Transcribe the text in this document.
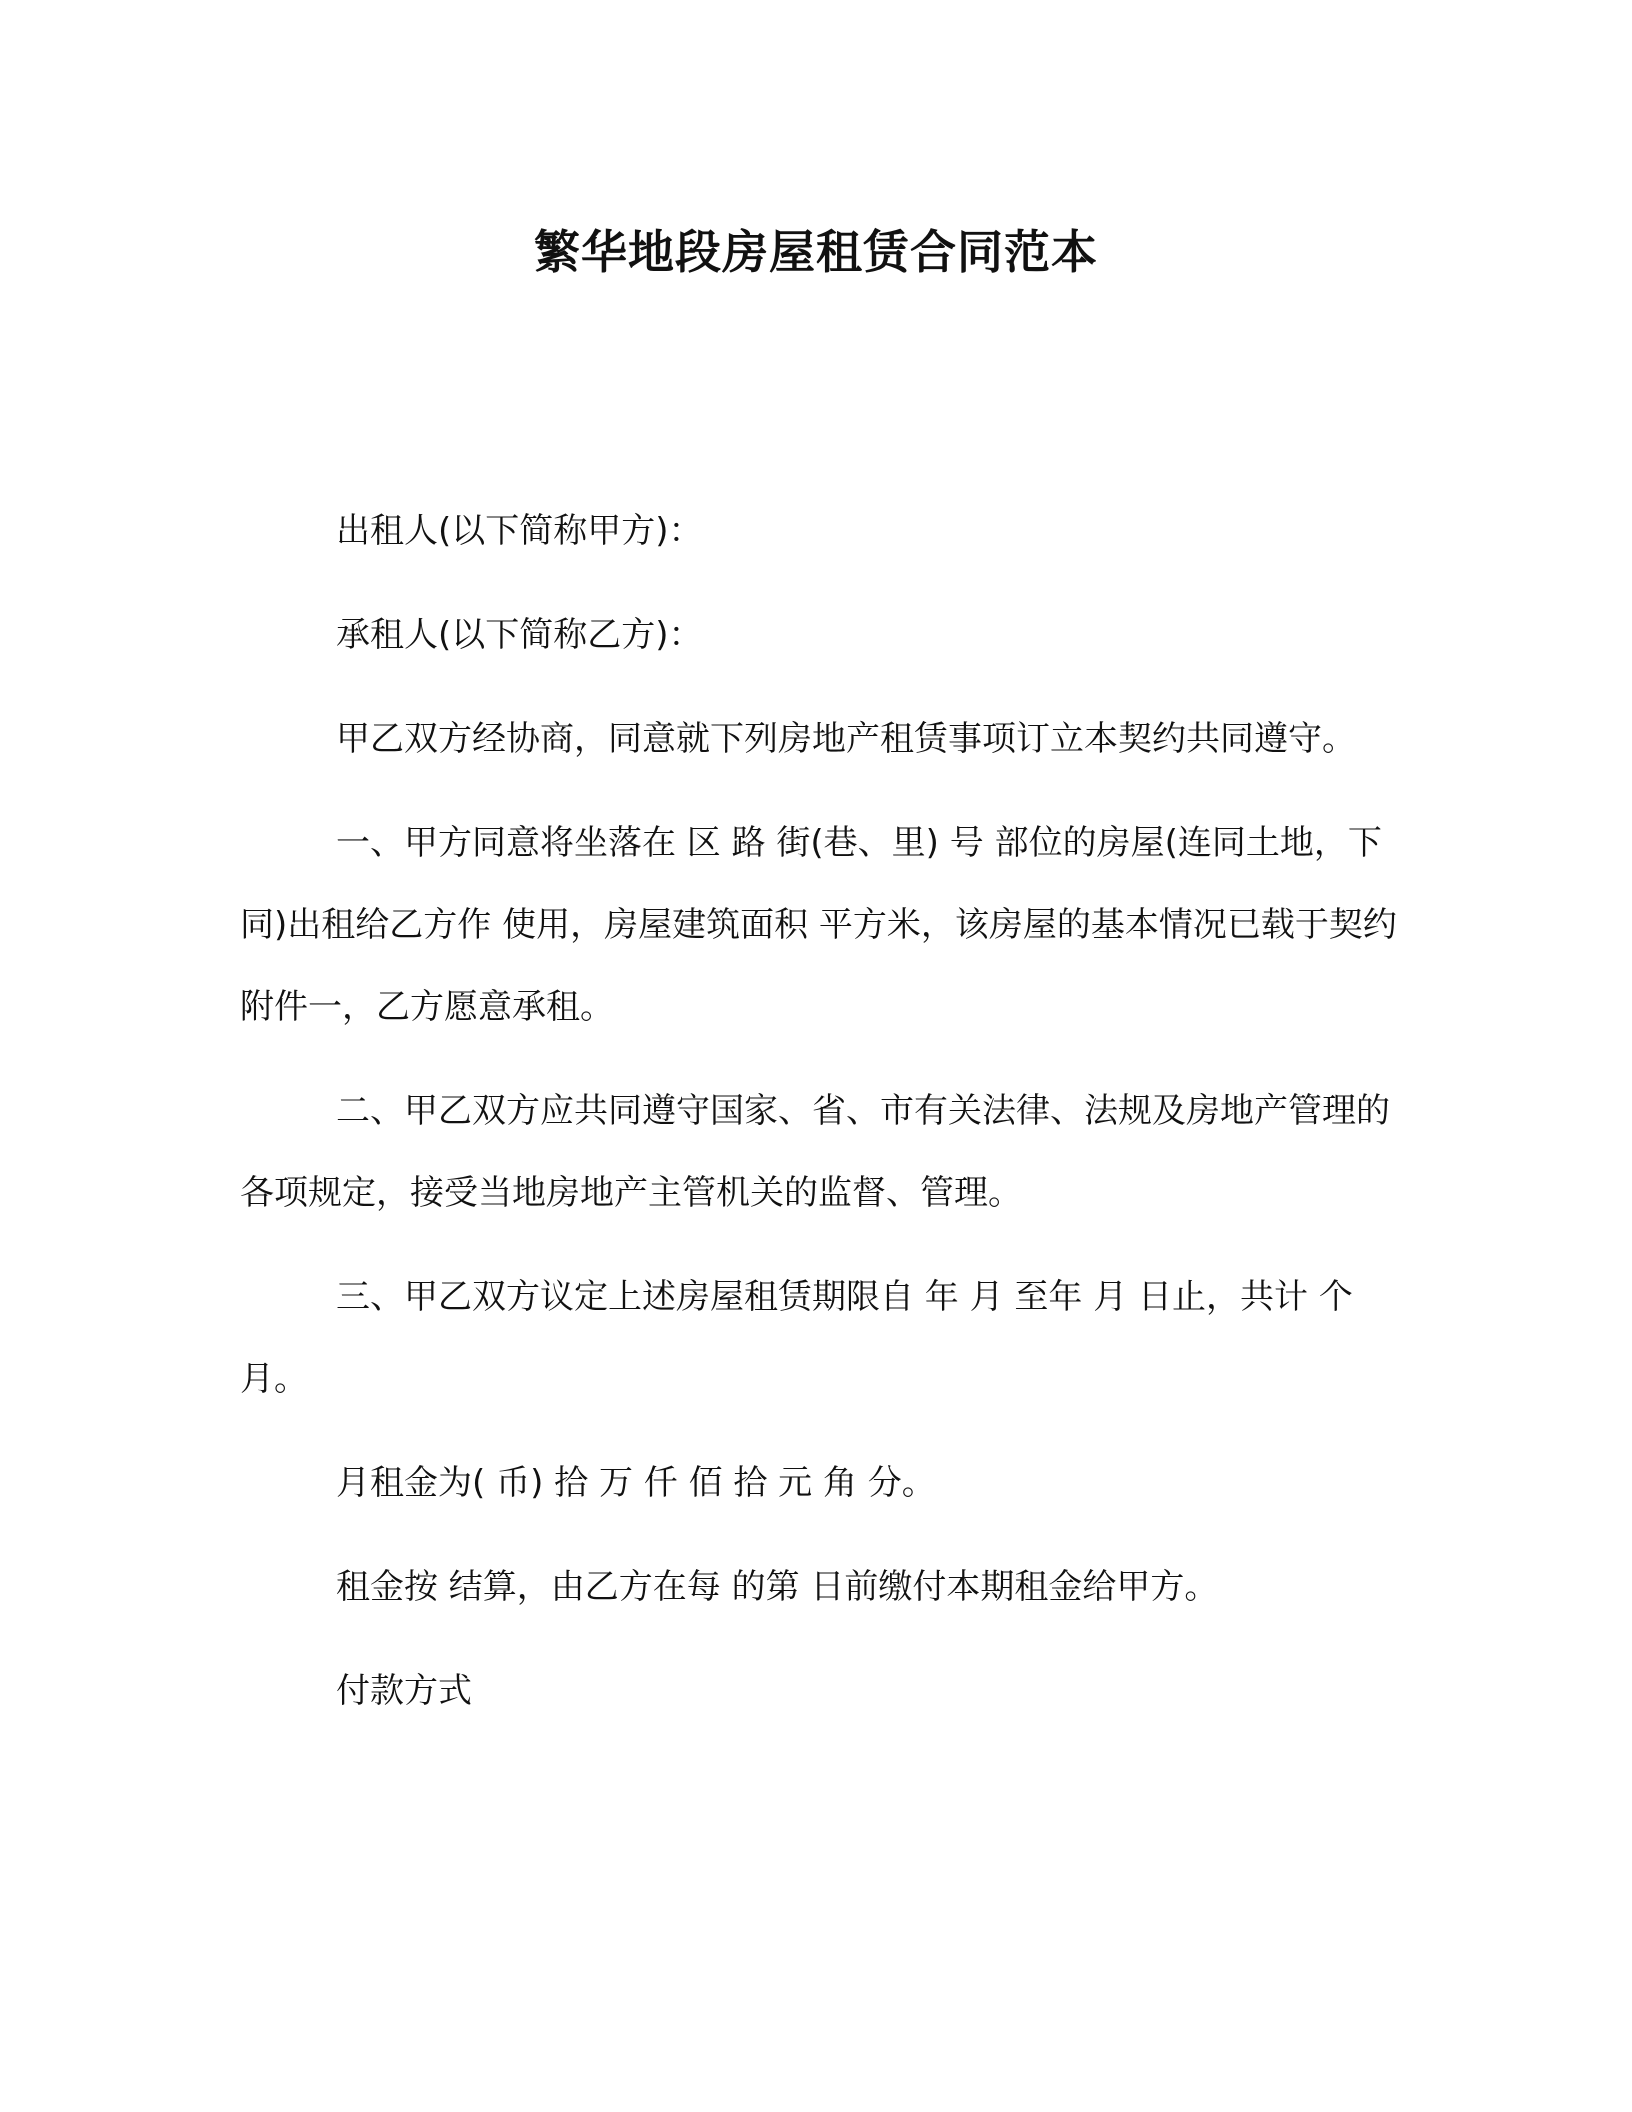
繁华地段房屋租赁合同范本

出租人(以下简称甲方)：

承租人(以下简称乙方)：

甲乙双方经协商，同意就下列房地产租赁事项订立本契约共同遵守。

一、甲方同意将坐落在 区 路 街(巷、里) 号 部位的房屋(连同土地，下同)出租给乙方作 使用，房屋建筑面积 平方米，该房屋的基本情况已载于契约附件一，乙方愿意承租。

二、甲乙双方应共同遵守国家、省、市有关法律、法规及房地产管理的各项规定，接受当地房地产主管机关的监督、管理。

三、甲乙双方议定上述房屋租赁期限自 年 月 至年 月 日止，共计 个月。

月租金为( 币) 拾 万 仟 佰 拾 元 角 分。

租金按 结算，由乙方在每 的第 日前缴付本期租金给甲方。

付款方式
